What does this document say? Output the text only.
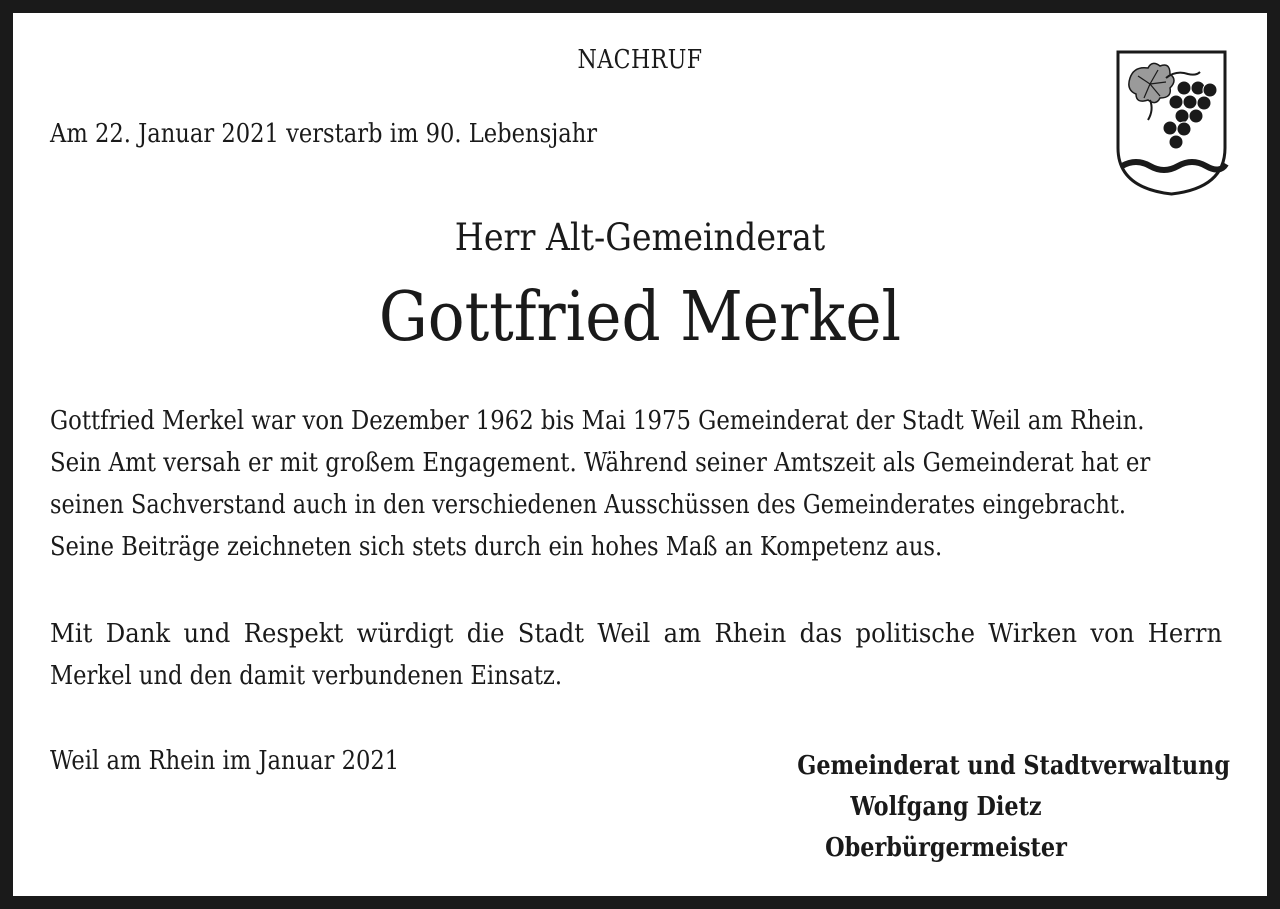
NACHRUF
Am 22. Januar 2021 verstarb im 90. Lebensjahr
Herr Alt-Gemeinderat
Gottfried Merkel
Gottfried Merkel war von Dezember 1962 bis Mai 1975 Gemeinderat der Stadt Weil am Rhein.
Sein Amt versah er mit großem Engagement. Während seiner Amtszeit als Gemeinderat hat er
seinen Sachverstand auch in den verschiedenen Ausschüssen des Gemeinderates eingebracht.
Seine Beiträge zeichneten sich stets durch ein hohes Maß an Kompetenz aus.
Mit Dank und Respekt würdigt die Stadt Weil am Rhein das politische Wirken von Herrn
Merkel und den damit verbundenen Einsatz.
Weil am Rhein im Januar 2021	Gemeinderat und Stadtverwaltung
Wolfgang Dietz
Oberbürgermeister
